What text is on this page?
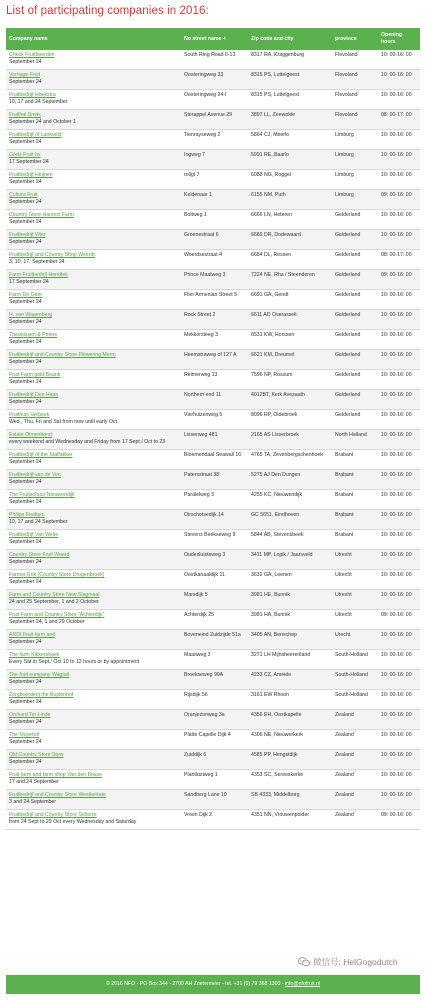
List of participating companies in 2016:
Company name	No street name +	Zip code and city	province	Opening hours

Check Fruitboerden
September 24	South Ring Road II-13	8317 RA, Kraggenburg	Flevoland	10: 00-16: 00

Verhage Fruit
September 24	Oosteringweg 33	8315 PS, Luttelgeest	Flevoland	10: 00-16: 00

Fruitbedrijf Hoekstra
10, 17 and 24 September	Oosteringweg 24-I	8315 PS, Luttelgeest	Flevoland	10: 00-16: 00

Fruithal Smits
September 24 and October 1	Sterappel Avenue 29	3897 LL, Zeewolde	Flevoland	08: 00-17: 00

Fruitbedrijf of Lankveld
September 24	Tienrayseweg 2	5864 CJ, Meerlo	Limburg	10: 00-16: 00

Görtz Fruit bv
17 September 24	Ingweg 7	5991 RE, Baarlo	Limburg	10: 00-16: 00

Fruitbedrijf Heijnen
September 24	roligt 7	6088 NG, Roggel	Limburg	10: 00-16: 00

Cultura Fruit
September 24	Keldenaar 1	6155 NM, Puth	Limburg	09: 00-16: 00

Country Store Harvest Farm
September 24	Boltweg 1	6666 LN, Heteren	Gelderland	10: 00-16: 00

Fruitbedrijf Wier
September 24	Groenestraat 6	6669 DR, Dodewaard	Gelderland	10: 00-16: 00

Fruitbedrijf and Country Shop Weerdt
3, 10, 17, September 24	Woerdsestraat 4	6684 DL, Ressen	Gelderland	08: 00-17: 00

Farm Fruitbedrijf Hondtek
17 September 24	Prince Maatweg 3	7224 NE, Rha / Steenderen	Gelderland	09: 00-16: 00

Farm De Geer
September 24	Flier Armenian Street 5	6691 GA, Gendt	Gelderland	10: 00-16: 00

H. van Wagenberg
September 24	Rock Street 2	6611 AD Overasselt	Gelderland	10: 00-16: 00

Theunissen & Peters
September 24	Mekkersteeg 3	6531 KW, Horssen	Gelderland	10: 00-16: 00

Fruitbedrijf and Country Store Flowering Merm
September 24	Heemstraweg of 127 A	6621 KM, Dreumel	Gelderland	10: 00-16: 00

Fruit Farm gold Beank
September 24	Reimerweg 13	7596 NP, Rossum	Gelderland	10: 00-16: 00

Fruitbedrijf Den Haan
September 24	Northern end 11	4012BT, Kerk Avezaath	Gelderland	10: 00-16: 00

Fruithuis Verbeek
Wed., Thu, Fri and Sat from now until early Oct.	Vierhuizenweg 5	8096 RP, Oldebroek	Gelderland	10: 00-16: 00

Estate Olmenhorst
every weekend and Wednesday and Friday from 17 Sept / Oct to 23	Lisserweg 481	2165 AS Lisserbroek	North Holland	10: 00-16: 00

Fruitbedrijf of the Stalfakker
September 24	Bloemendaal Seawall 16	4765 TA, Zevenbergschenhoek	Brabant	10: 00-16: 00

Fruitbedrijf van de Ven
September 24	Patersstraat 38	5275 AJ Den Dungen	Brabant	10: 00-16: 00

The Fruitschuur Nieuwendijk
September 24	Paralelweg 3	4255 KC, Nieuwendijk	Brabant	10: 00-16: 00

Philips Fruittuin
10, 17 and 24 September	Oirschotsedijk 14	GC 5651, Eindhoven	Brabant	10: 00-16: 00

Fruitbedrijf Van Welie
September 24	Stevens Beekseweg 9	5844 AB, Stevensbeek	Brabant	10: 00-16: 00

Country Store Fruit Waard
September 24	Oudesluisteweg 3	3411 MP, Lopik / Jaarsveld	Utrecht	10: 00-16: 00

Farmer Erik (Country Store Drogenbroek)
September 24	Oostkanaaldijk 11	3632 GA, Loenen	Utrecht	10: 00-16: 00

Farm and Country Store New Slagmaal
24 and 25 September, 1 and 2 October	Marsdijk 5	3981 HE, Bunnik	Utrecht	10: 00-16: 00

Fruit Farm and Country Store "Achterdijk"
September 24, 1 and 29 October	Achterdijk 25	3981 HA, Bunnik	Utrecht	09: 00-16: 00

ARDI Fruit farm and
September 24	Boveneind Zuidzijde 51a	3405 AN, Benschop	Urecht	10: 00-16: 00

The farm Kikkershoek
Every Sat in Sept / Oct 10 to 12 hours or by appointment	Maasweg 3	3271 LH Mijnsheerenland	South-Holland	10: 00-16: 00

The fruit company Wagtail
September 24	Broekseweg 90A	4233 CZ, Ameide	South-Holland	10: 00-16: 00

Zorgboerderij the Buytenhof
September 24	Rijsdijk 56	3161 EW Rhoon	South-Holland	10: 00-16: 00

Orchard Ter Linde
September 24	Oranjezonweg 3a	4356 EH, Oostkapelle	Zealand	10: 00-16: 00

The Muyehof
September 24	Platte Capelle Dijk 4	4306 NE, Nieuwerkerk	Zealand	10: 00-16: 00

Old Country Store Stew
September 24	Zuiddijk 6	4585 PP, Hengstdijk	Zealand	10: 00-16: 00

Fruit farm and farm shop Van den Bosse
17 and 24 September	Plantlustweg 1	4353 SC, Serooskerke	Zealand	10: 00-16: 00

Fruitbedrijf and Country Store Westkstrate
3 and 24 September	Sandberg Lane 10	SB 4333, Middelburg	Zealand	10: 00-16: 00

Fruitbedrijf and Country Store Schorre
from 24 Sept to 29 Oct every Wednesday and Saturday	Vroon Dijk 2	4351 NN, Vrouwenpolder	Zealand	09: 00-16: 00
微信号: HelGogodutch
© 2016 NFO - PO Box 344 - 2700 AH Zoetermeer - tel. +31 (0) 79 368 1300 - info@nfofruit.nl
